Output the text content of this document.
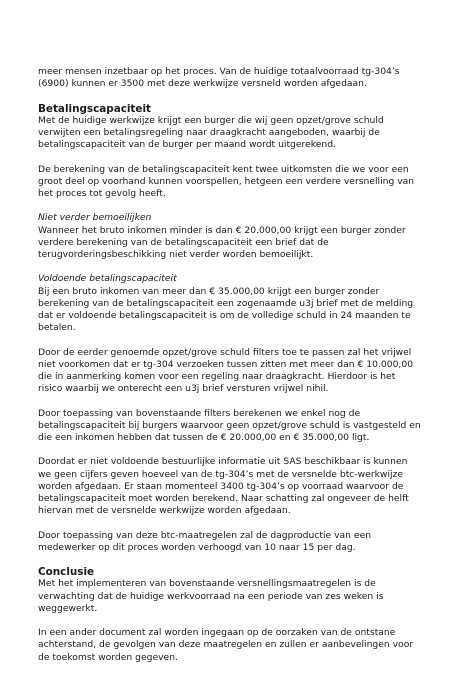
meer mensen inzetbaar op het proces. Van de huidige totaalvoorraad tg-304’s
(6900) kunnen er 3500 met deze werkwijze versneld worden afgedaan.
Betalingscapaciteit
Met de huidige werkwijze krijgt een burger die wij geen opzet/grove schuld
verwijten een betalingsregeling naar draagkracht aangeboden, waarbij de
betalingscapaciteit van de burger per maand wordt uitgerekend.
De berekening van de betalingscapaciteit kent twee uitkomsten die we voor een
groot deel op voorhand kunnen voorspellen, hetgeen een verdere versnelling van
het proces tot gevolg heeft.
Niet verder bemoeilijken
Wanneer het bruto inkomen minder is dan € 20.000,00 krijgt een burger zonder
verdere berekening van de betalingscapaciteit een brief dat de
terugvorderingsbeschikking niet verder worden bemoeilijkt.
Voldoende betalingscapaciteit
Bij een bruto inkomen van meer dan € 35.000,00 krijgt een burger zonder
berekening van de betalingscapaciteit een zogenaamde u3j brief met de melding
dat er voldoende betalingscapaciteit is om de volledige schuld in 24 maanden te
betalen.
Door de eerder genoemde opzet/grove schuld filters toe te passen zal het vrijwel
niet voorkomen dat er tg-304 verzoeken tussen zitten met meer dan € 10.000,00
die in aanmerking komen voor een regeling naar draagkracht. Hierdoor is het
risico waarbij we onterecht een u3j brief versturen vrijwel nihil.
Door toepassing van bovenstaande filters berekenen we enkel nog de
betalingscapaciteit bij burgers waarvoor geen opzet/grove schuld is vastgesteld en
die een inkomen hebben dat tussen de € 20.000,00 en € 35.000,00 ligt.
Doordat er niet voldoende bestuurlijke informatie uit SAS beschikbaar is kunnen
we geen cijfers geven hoeveel van de tg-304’s met de versnelde btc-werkwijze
worden afgedaan. Er staan momenteel 3400 tg-304’s op voorraad waarvoor de
betalingscapaciteit moet worden berekend. Naar schatting zal ongeveer de helft
hiervan met de versnelde werkwijze worden afgedaan.
Door toepassing van deze btc-maatregelen zal de dagproductie van een
medewerker op dit proces worden verhoogd van 10 naar 15 per dag.
Conclusie
Met het implementeren van bovenstaande versnellingsmaatregelen is de
verwachting dat de huidige werkvoorraad na een periode van zes weken is
weggewerkt.
In een ander document zal worden ingegaan op de oorzaken van de ontstane
achterstand, de gevolgen van deze maatregelen en zullen er aanbevelingen voor
de toekomst worden gegeven.
